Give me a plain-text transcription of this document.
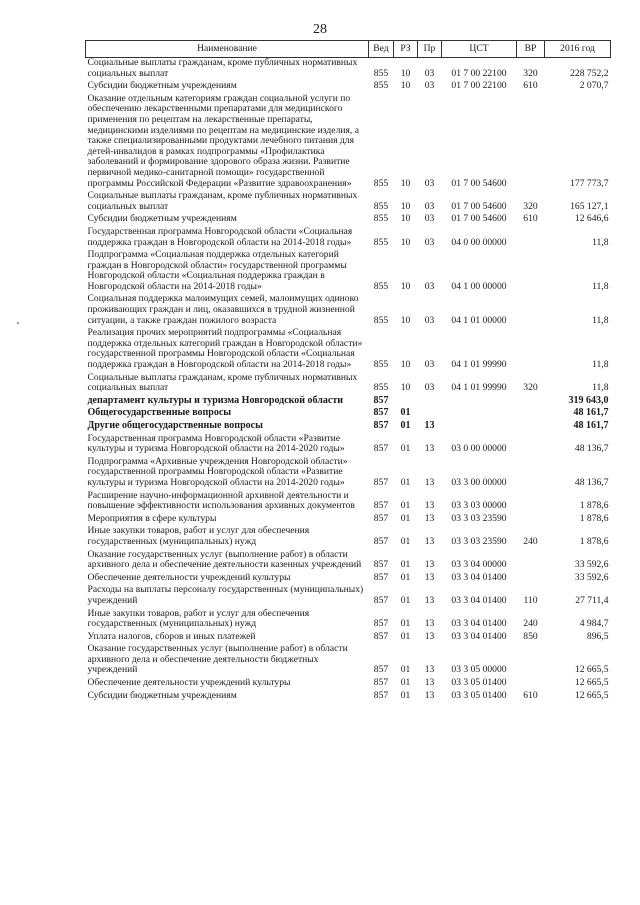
28
Наименование	Вед	РЗ	Пр	ЦСТ	ВР	2016 год
Социальные выплаты гражданам, кроме публичных нормативных социальных выплат	855	10	03	01 7 00 22100	320	228 752,2
Субсидии бюджетным учреждениям	855	10	03	01 7 00 22100	610	2 070,7
Оказание отдельным категориям граждан социальной услуги по обеспечению лекарственными препаратами для медицинского применения по рецептам на лекарственные препараты, медицинскими изделиями по рецептам на медицинские изделия, а также специализированными продуктами лечебного питания для детей-инвалидов в рамках подпрограммы «Профилактика заболеваний и формирование здорового образа жизни. Развитие первичной медико-санитарной помощи» государственной программы Российской Федерации «Развитие здравоохранения»	855	10	03	01 7 00 54600		177 773,7
Социальные выплаты гражданам, кроме публичных нормативных социальных выплат	855	10	03	01 7 00 54600	320	165 127,1
Субсидии бюджетным учреждениям	855	10	03	01 7 00 54600	610	12 646,6
Государственная программа Новгородской области «Социальная поддержка граждан в Новгородской области на 2014-2018 годы»	855	10	03	04 0 00 00000		11,8
Подпрограмма «Социальная поддержка отдельных категорий граждан в Новгородской области» государственной программы Новгородской области «Социальная поддержка граждан в Новгородской области на 2014-2018 годы»	855	10	03	04 1 00 00000		11,8
Социальная поддержка малоимущих семей, малоимущих одиноко проживающих граждан и лиц, оказавшихся в трудной жизненной ситуации, а также граждан пожилого возраста	855	10	03	04 1 01 00000		11,8
Реализация прочих мероприятий подпрограммы «Социальная поддержка отдельных категорий граждан в Новгородской области» государственной программы Новгородской области «Социальная поддержка граждан в Новгородской области на 2014-2018 годы»	855	10	03	04 1 01 99990		11,8
Социальные выплаты гражданам, кроме публичных нормативных социальных выплат	855	10	03	04 1 01 99990	320	11,8
департамент культуры и туризма Новгородской области	857					319 643,0
Общегосударственные вопросы	857	01				48 161,7
Другие общегосударственные вопросы	857	01	13			48 161,7
Государственная программа Новгородской области «Развитие культуры и туризма Новгородской области на 2014-2020 годы»	857	01	13	03 0 00 00000		48 136,7
Подпрограмма «Архивные учреждения Новгородской области» государственной программы Новгородской области «Развитие культуры и туризма Новгородской области на 2014-2020 годы»	857	01	13	03 3 00 00000		48 136,7
Расширение научно-информационной архивной деятельности и повышение эффективности использования архивных документов	857	01	13	03 3 03 00000		1 878,6
Мероприятия в сфере культуры	857	01	13	03 3 03 23590		1 878,6
Иные закупки товаров, работ и услуг для обеспечения государственных (муниципальных) нужд	857	01	13	03 3 03 23590	240	1 878,6
Оказание государственных услуг (выполнение работ) в области архивного дела и обеспечение деятельности казенных учреждений	857	01	13	03 3 04 00000		33 592,6
Обеспечение деятельности учреждений культуры	857	01	13	03 3 04 01400		33 592,6
Расходы на выплаты персоналу государственных (муниципальных) учреждений	857	01	13	03 3 04 01400	110	27 711,4
Иные закупки товаров, работ и услуг для обеспечения государственных (муниципальных) нужд	857	01	13	03 3 04 01400	240	4 984,7
Уплата налогов, сборов и иных платежей	857	01	13	03 3 04 01400	850	896,5
Оказание государственных услуг (выполнение работ) в области архивного дела и обеспечение деятельности бюджетных учреждений	857	01	13	03 3 05 00000		12 665,5
Обеспечение деятельности учреждений культуры	857	01	13	03 3 05 01400		12 665,5
Субсидии бюджетным учреждениям	857	01	13	03 3 05 01400	610	12 665,5
